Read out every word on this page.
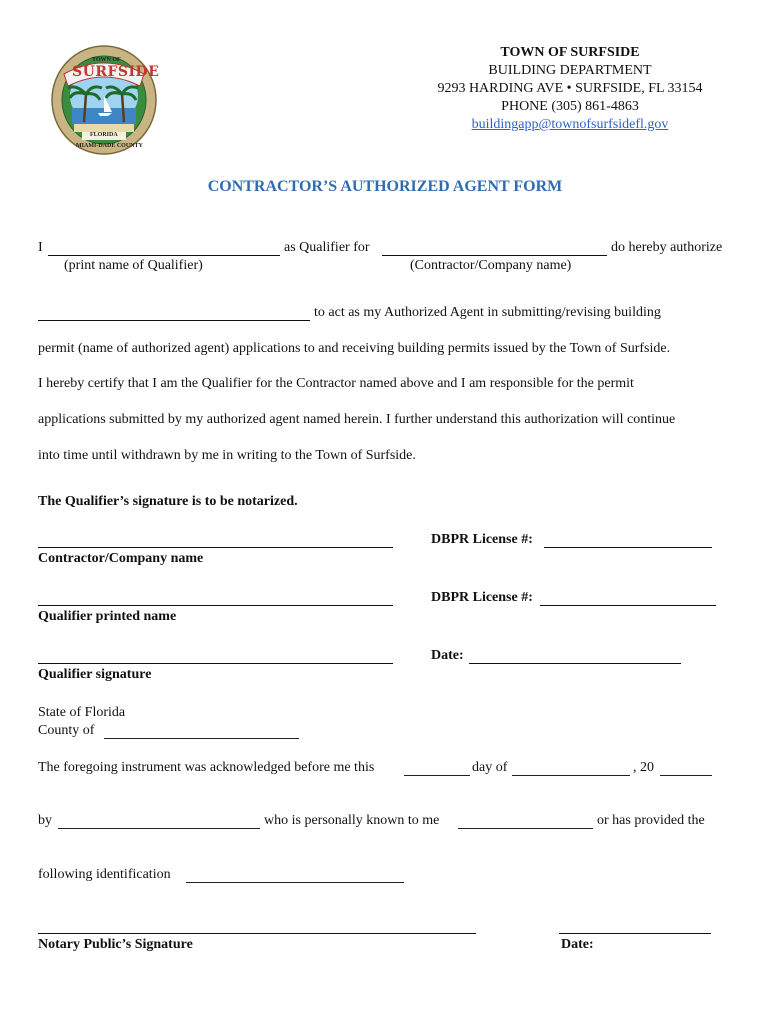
TOWN OF
SURFSIDE
FLORIDA
MIAMI-DADE COUNTY
TOWN OF SURFSIDE
BUILDING DEPARTMENT
9293 HARDING AVE • SURFSIDE, FL 33154
PHONE (305) 861-4863
buildingapp@townofsurfsidefl.gov
CONTRACTOR’S AUTHORIZED AGENT FORM
I	as Qualifier for	do hereby authorize
(print name of Qualifier)	(Contractor/Company name)
to act as my Authorized Agent in submitting/revising building
permit (name of authorized agent) applications to and receiving building permits issued by the Town of Surfside.
I hereby certify that I am the Qualifier for the Contractor named above and I am responsible for the permit
applications submitted by my authorized agent named herein. I further understand this authorization will continue
into time until withdrawn by me in writing to the Town of Surfside.
The Qualifier’s signature is to be notarized.
DBPR License #:
Contractor/Company name
DBPR License #:
Qualifier printed name
Date:
Qualifier signature
State of Florida
County of
The foregoing instrument was acknowledged before me this	day of	, 20
by	who is personally known to me	or has provided the
following identification
Notary Public’s Signature	Date:
